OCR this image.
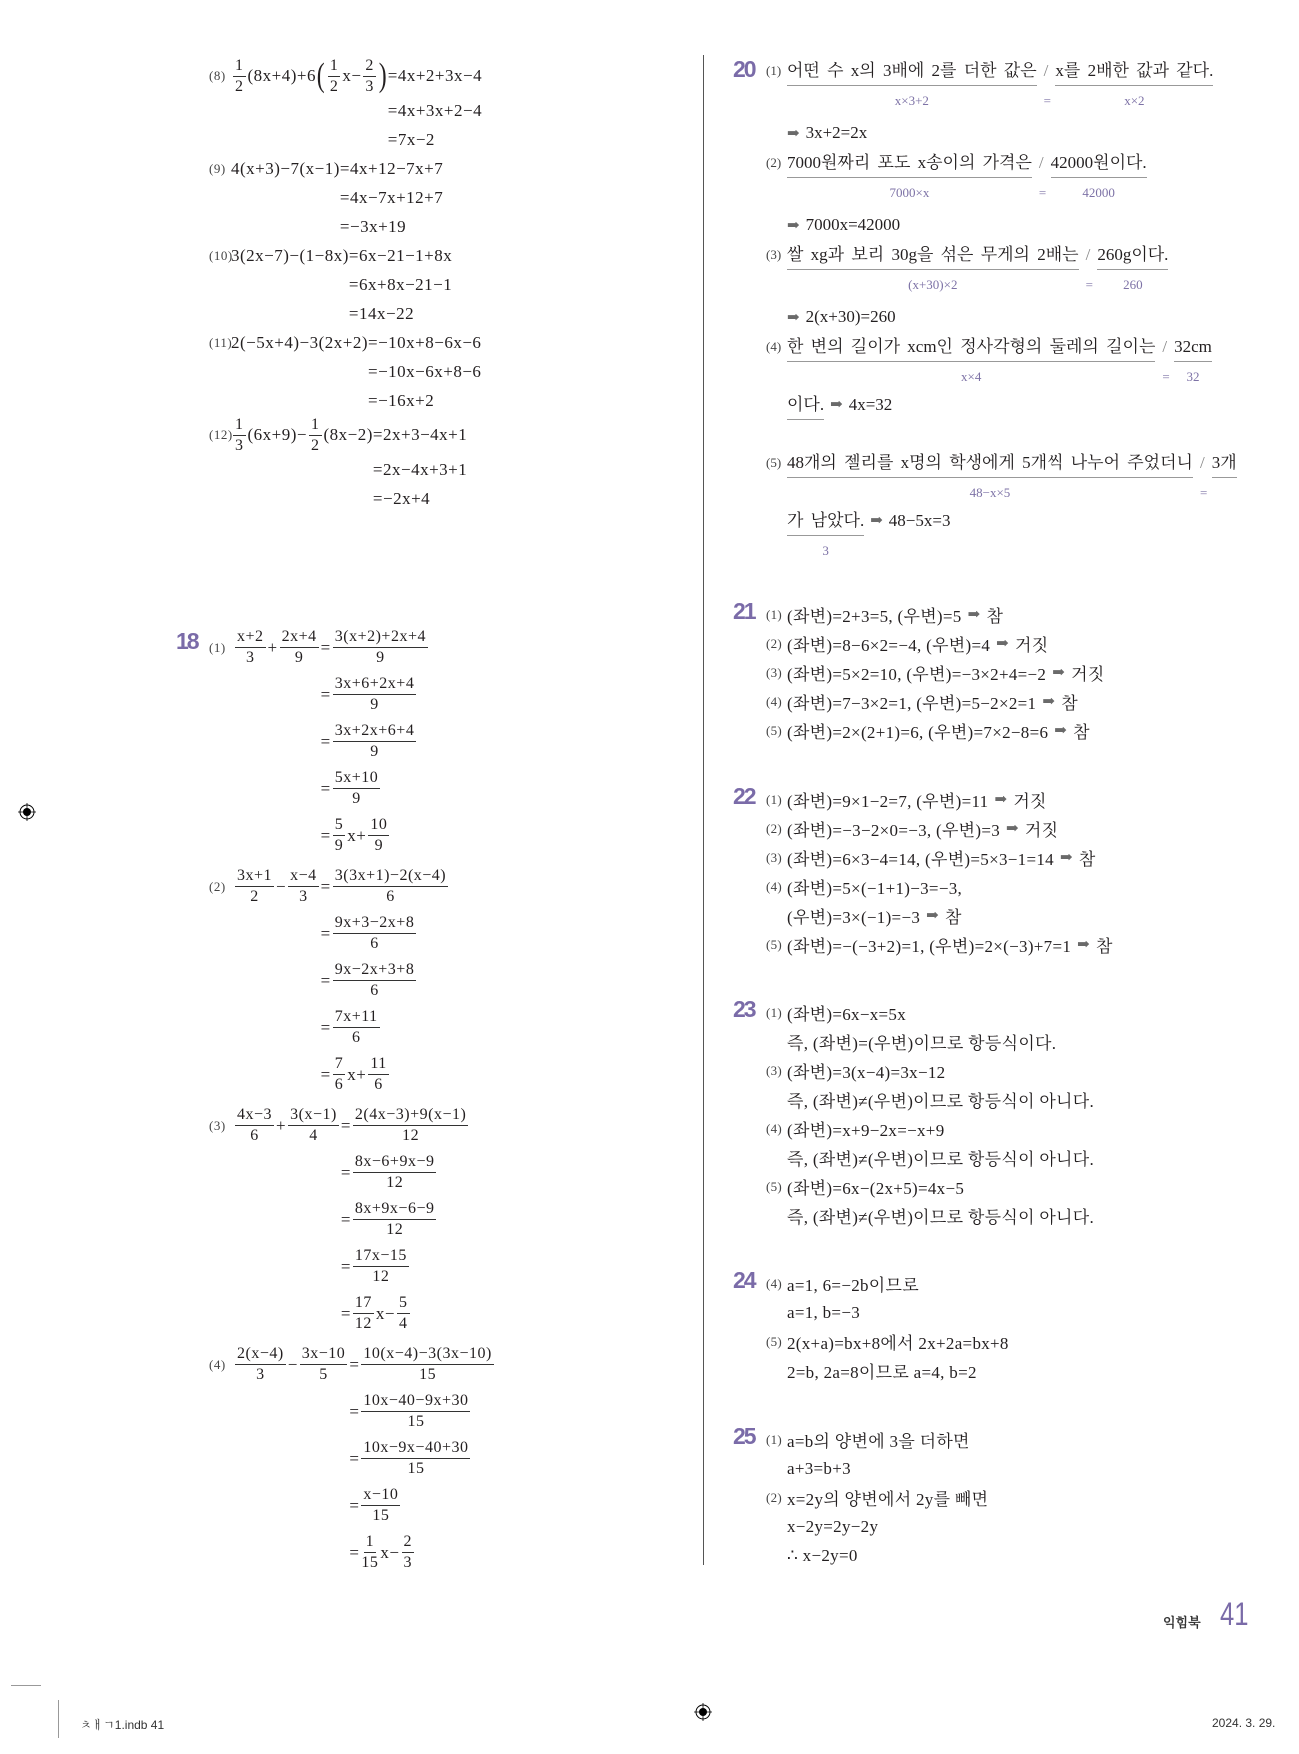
$(8) \frac{1}{2} (8x+4)+6$ ( $\frac{1}{2} x- \frac{2}{3}$ ) =4x+2+3x−4
=4x+3x+2−4
=7x−2
(9) 4(x+3)−7(x−1) =4x+12−7x+7
=4x−7x+12+7
=−3x+19
(10)
3(2x−7)−(1−8x) =6x−21−1+8x
=6x+8x−21−1
=14x−22
(11)
2(−5x+4)−3(2x+2) =−10x+8−6x−6
=−10x−6x+8−6
=−16x+2
$(12) \frac{1}{3} (6x+9)- \frac{1}{2} (8x-2) =2x+3-4x+1$
=2x−4x+3+1
=−2x+4
18 $(1) \frac{x+2}{3} + \frac{2x+4}{9} = \frac{3(x+2)+2x+4}{9}$
= $\frac{3x+6+2x+4}{9}$
= $\frac{3x+2x+6+4}{9}$
= $\frac{5x+10}{9}$
= $\frac{5}{9} x+ \frac{10}{9}$
$(2) \frac{3x+1}{2} - \frac{x-4}{3} = \frac{3(3x+1)-2(x-4)}{6}$
= $\frac{9x+3-2x+8}{6}$
= $\frac{9x-2x+3+8}{6}$
= $\frac{7x+11}{6}$
= $\frac{7}{6} x+ \frac{11}{6}$
$(3) \frac{4x-3}{6} + \frac{3(x-1)}{4} = \frac{2(4x-3)+9(x-1)}{12}$
= $\frac{8x-6+9x-9}{12}$
= $\frac{8x+9x-6-9}{12}$
= $\frac{17x-15}{12}$
= $\frac{17}{12} x- \frac{5}{4}$
$(4) \frac{2(x-4)}{3} - \frac{3x-10}{5} = \frac{10(x-4)-3(3x-10)}{15}$
= $\frac{10x-40-9x+30}{15}$
= $\frac{10x-9x-40+30}{15}$
= $\frac{x-10}{15}$
= $\frac{1}{15} x- \frac{2}{3}$
20 (1) 어떤 수 x의 3배에 2를 더한 값은
x×3+2
/
=
x를 2배한 값과 같다.
x×2
➡ 3x+2=2x
(2) 7000원짜리 포도 x송이의 가격은
7000×x
/
=
42000원이다.
42000
➡ 7000x=42000
(3) 쌀 xg과 보리 30g을 섞은 무게의 2배는
(x+30)×2
/
=
260g이다.
260
➡ 2(x+30)=260
(4) 한 변의 길이가 xcm인 정사각형의 둘레의 길이는
x×4
/
=
32cm
32
이다. ➡ 4x=32
(5) 48개의 젤리를 x명의 학생에게 5개씩 나누어 주었더니
48−x×5
/
=
3개
가 남았다.
3
➡ 48−5x=3
21 (1) (좌변)=2+3=5, (우변)=5 ➡ 참
(2) (좌변)=8−6×2=−4, (우변)=4 ➡ 거짓
(3) (좌변)=5×2=10, (우변)=−3×2+4=−2 ➡ 거짓
(4) (좌변)=7−3×2=1, (우변)=5−2×2=1 ➡ 참
(5) (좌변)=2×(2+1)=6, (우변)=7×2−8=6 ➡ 참
22 (1) (좌변)=9×1−2=7, (우변)=11 ➡ 거짓
(2) (좌변)=−3−2×0=−3, (우변)=3 ➡ 거짓
(3) (좌변)=6×3−4=14, (우변)=5×3−1=14 ➡ 참
(4) (좌변)=5×(−1+1)−3=−3,
(우변)=3×(−1)=−3 ➡ 참
(5) (좌변)=−(−3+2)=1, (우변)=2×(−3)+7=1 ➡ 참
23 (1) (좌변)=6x−x=5x
즉, (좌변)=(우변)이므로 항등식이다.
(3) (좌변)=3(x−4)=3x−12
즉, (좌변)≠(우변)이므로 항등식이 아니다.
(4) (좌변)=x+9−2x=−x+9
즉, (좌변)≠(우변)이므로 항등식이 아니다.
(5) (좌변)=6x−(2x+5)=4x−5
즉, (좌변)≠(우변)이므로 항등식이 아니다.
24 (4) a=1, 6=−2b이므로
a=1, b=−3
(5) 2(x+a)=bx+8에서 2x+2a=bx+8
2=b, 2a=8이므로 a=4, b=2
25 (1) a=b의 양변에 3을 더하면
a+3=b+3
(2) x=2y의 양변에서 2y를 빼면
x−2y=2y−2y
∴ x−2y=0
익힘북 41
ㅊㅐㄱ1.indb 41	2024. 3. 29.
